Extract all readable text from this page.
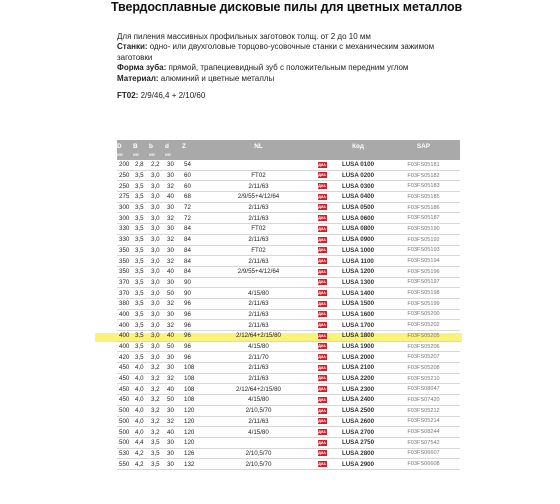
Твердосплавные дисковые пилы для цветных металлов
Для пиления массивных профильных заготовок толщ. от 2 до 10 мм
Станки: одно- или двухголовые торцово-усовочные станки с механическим зажимом заготовки
Форма зуба: прямой, трапециевидный зуб с положительным передним углом
Материал: алюминий и цветные металлы
FT02: 2/9/46,4 + 2/10/60
D	B	b	d	Z	NL		Код	SAP
мм	мм	мм	мм					
200	2,8	2,2	30	54		ДИА	LUSA 0100	F03FS05181
250	3,5	3,0	30	60	FT02	ДИА	LUSA 0200	F03FS05182
250	3,5	3,0	32	60	2/11/63	ДИА	LUSA 0300	F03FS05183
275	3,5	3,0	40	68	2/9/55+4/12/64	ДИА	LUSA 0400	F03FS05185
300	3,5	3,0	30	72	2/11/63	ДИА	LUSA 0500	F03FS05186
300	3,5	3,0	32	72	2/11/63	ДИА	LUSA 0600	F03FS05187
330	3,5	3,0	30	84	FT02	ДИА	LUSA 0800	F03FS05190
330	3,5	3,0	32	84	2/11/63	ДИА	LUSA 0900	F03FS05192
350	3,5	3,0	30	84	FT02	ДИА	LUSA 1000	F03FS05193
350	3,5	3,0	32	84	2/11/63	ДИА	LUSA 1100	F03FS05194
350	3,5	3,0	40	84	2/9/55+4/12/64	ДИА	LUSA 1200	F03FS05196
370	3,5	3,0	30	90		ДИА	LUSA 1300	F03FS05197
370	3,5	3,0	50	90	4/15/80	ДИА	LUSA 1400	F03FS05198
380	3,5	3,0	32	96	2/11/63	ДИА	LUSA 1500	F03FS05199
400	3,5	3,0	30	96	2/11/63	ДИА	LUSA 1600	F03FS05200
400	3,5	3,0	32	96	2/11/63	ДИА	LUSA 1700	F03FS05202
400	3,5	3,0	40	96	2/12/64+2/15/80	ДИА	LUSA 1800	F03FS05205
400	3,5	3,0	50	96	4/15/80	ДИА	LUSA 1900	F03FS05206
420	3,5	3,0	30	96	2/11/70	ДИА	LUSA 2000	F03FS05207
450	4,0	3,2	30	108	2/11/63	ДИА	LUSA 2100	F03FS05208
450	4,0	3,2	32	108	2/11/63	ДИА	LUSA 2200	F03FS05210
450	4,0	3,2	40	108	2/12/64+2/15/80	ДИА	LUSA 2300	F03FS08047
450	4,0	3,2	50	108	4/15/80	ДИА	LUSA 2400	F03FS07420
500	4,0	3,2	30	120	2/10,5/70	ДИА	LUSA 2500	F03FS05212
500	4,0	3,2	32	120	2/11/63	ДИА	LUSA 2600	F03FS05214
500	4,0	3,2	40	120	4/15/80	ДИА	LUSA 2700	F03FS08244
500	4,4	3,5	30	120		ДИА	LUSA 2750	F03FS07542
530	4,2	3,5	30	126	2/10,5/70	ДИА	LUSA 2800	F03FS06607
550	4,2	3,5	30	132	2/10,5/70	ДИА	LUSA 2900	F03FS06608
